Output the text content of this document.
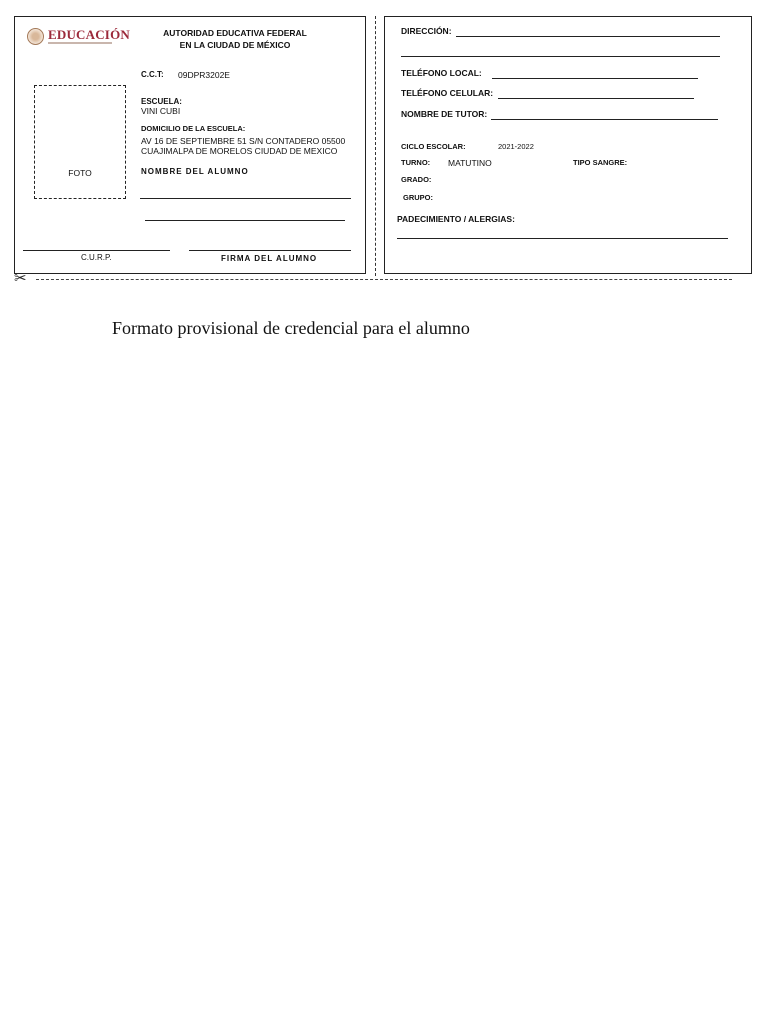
EDUCACIÓN	AUTORIDAD EDUCATIVA FEDERAL
EN LA CIUDAD DE MÉXICO
FOTO
C.C.T: 09DPR3202E
ESCUELA:
VINI CUBI
DOMICILIO DE LA ESCUELA:
AV 16 DE SEPTIEMBRE 51 S/N CONTADERO 05500
CUAJIMALPA DE MORELOS CIUDAD DE MEXICO
NOMBRE DEL ALUMNO
C.U.R.P.	FIRMA DEL ALUMNO
DIRECCIÓN:
TELÉFONO LOCAL:
TELÉFONO CELULAR:
NOMBRE DE TUTOR:
CICLO ESCOLAR:	2021-2022
TURNO: MATUTINO	TIPO SANGRE:
GRADO:
GRUPO:
PADECIMIENTO / ALERGIAS:
✂
Formato provisional de credencial para el alumno
